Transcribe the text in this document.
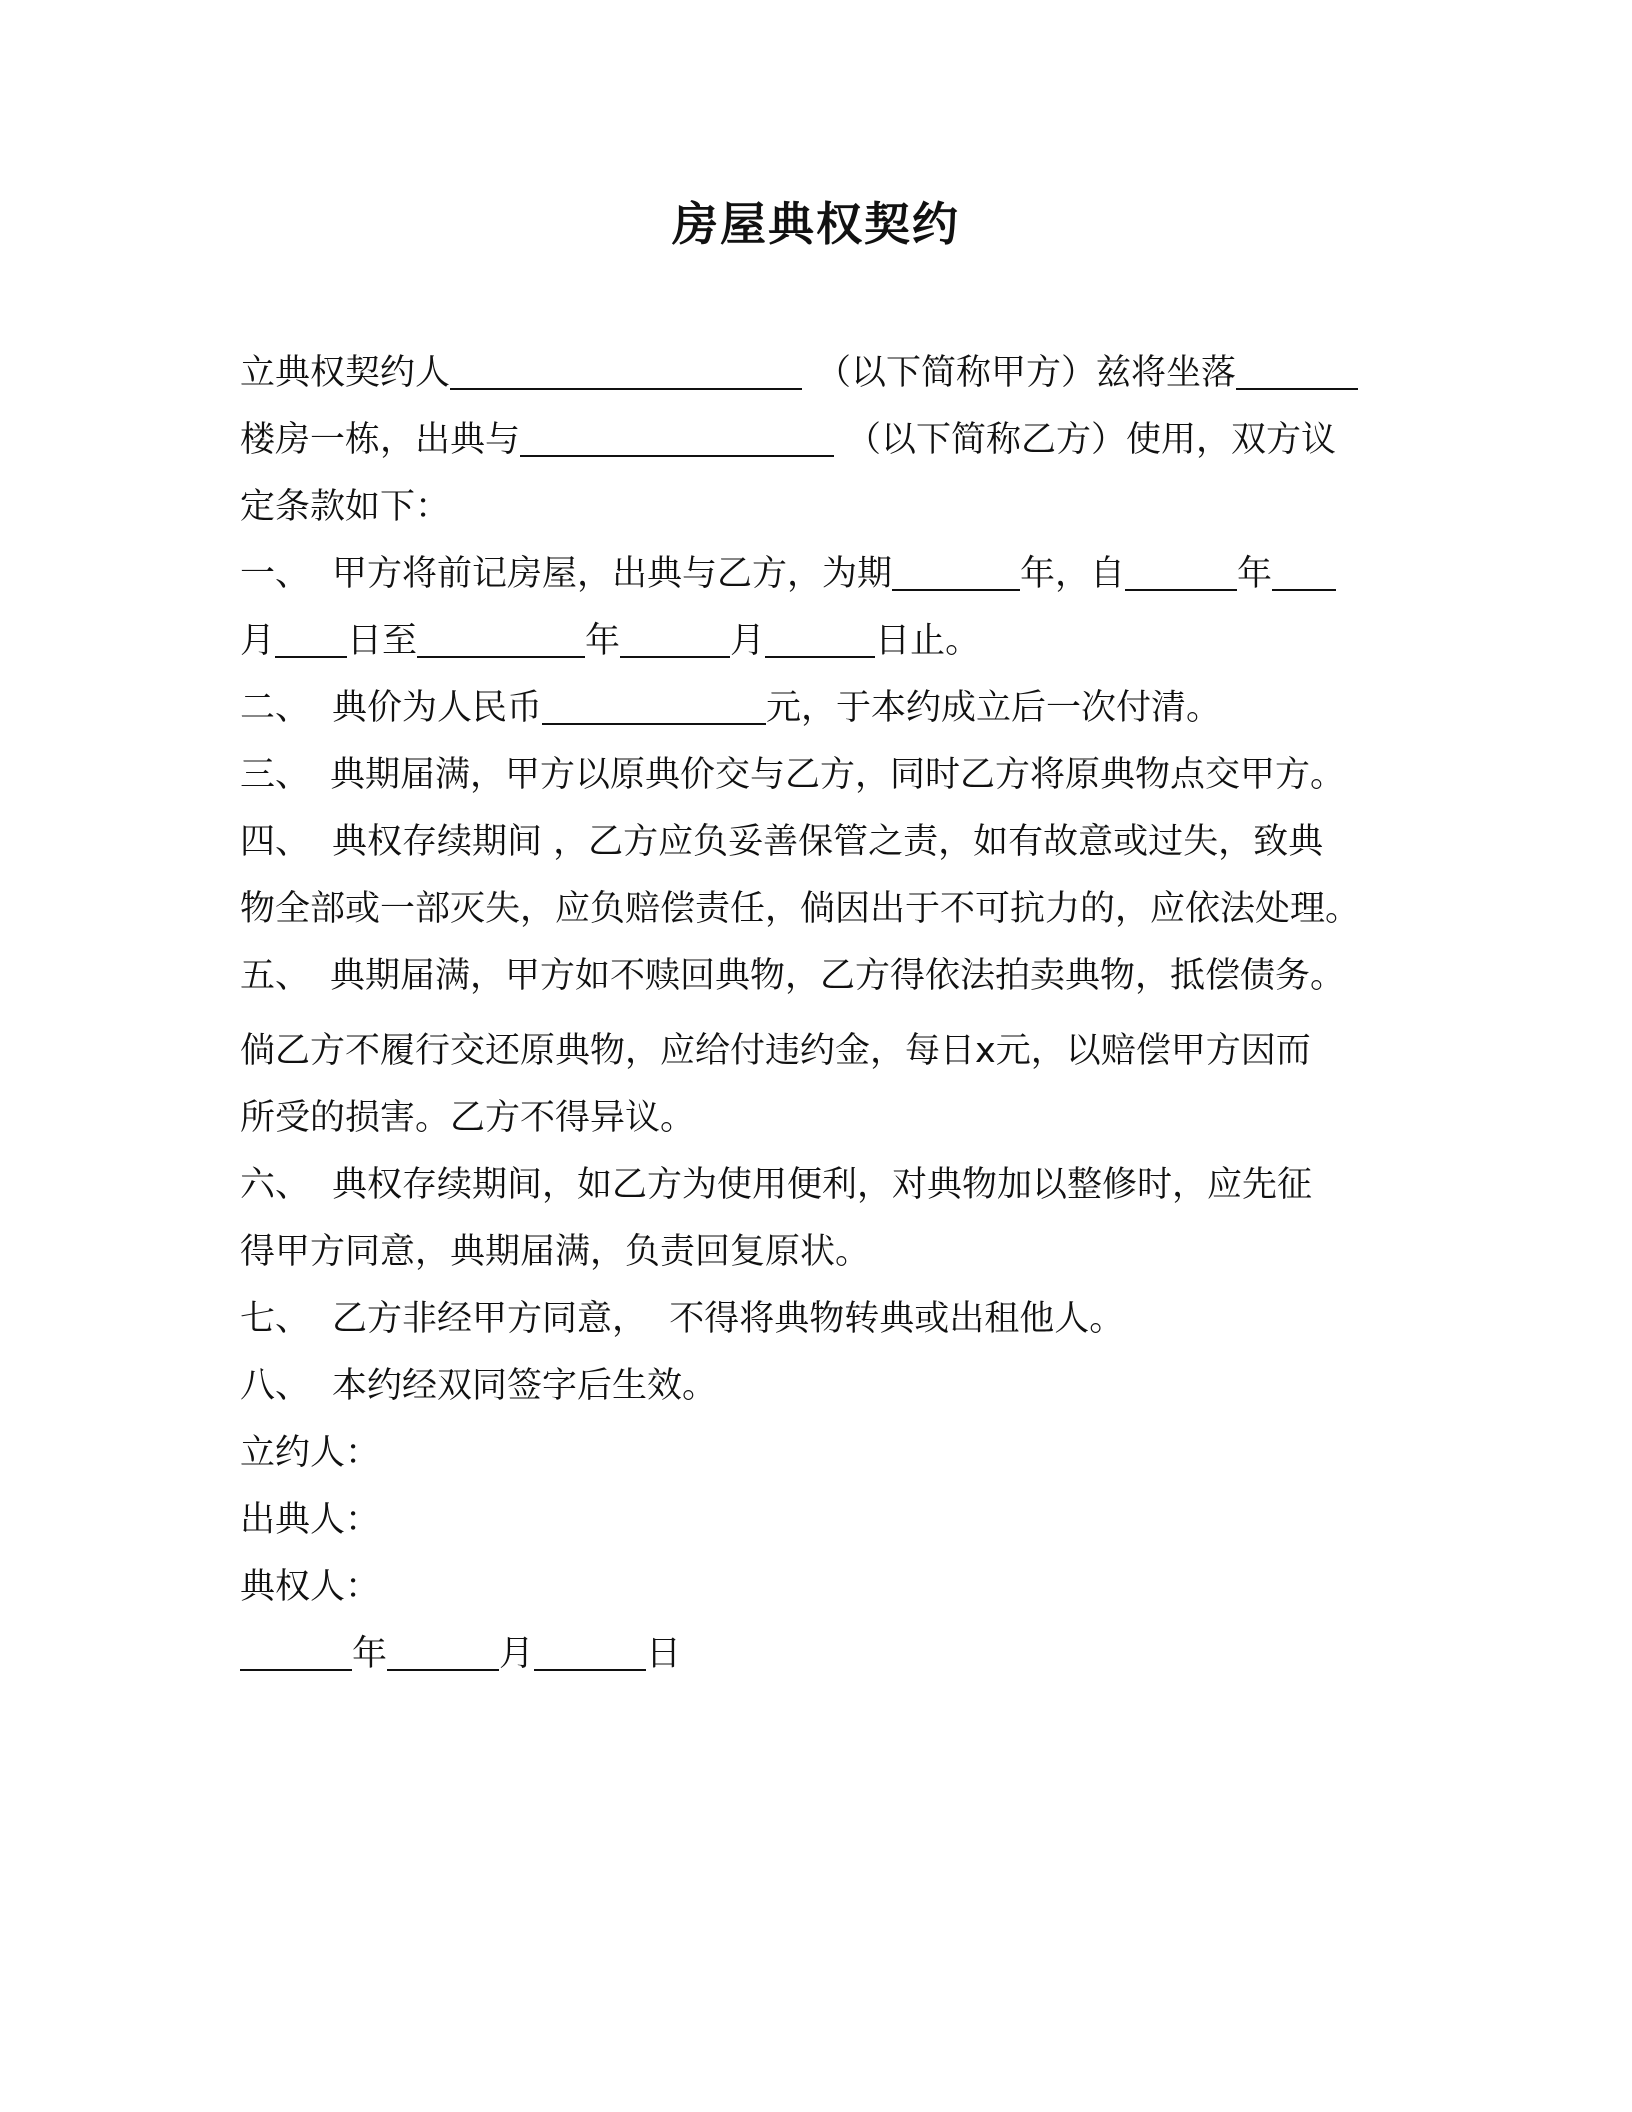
房屋典权契约
立典权契约人	（以下简称甲方）兹将坐落
楼房一栋，出典与	（以下简称乙方）使用，双方议
定条款如下：
一、 甲方将前记房屋，出典与乙方，为期	年，自	年
月 日至	年	月	日止。
二、 典价为人民币	元，于本约成立后一次付清。
三、 典期届满，甲方以原典价交与乙方，同时乙方将原典物点交甲方。
四、 典权存续期间 ，乙方应负妥善保管之责，如有故意或过失，致典
物全部或一部灭失，应负赔偿责任，倘因出于不可抗力的，应依法处理。
五、 典期届满，甲方如不赎回典物，乙方得依法拍卖典物，抵偿债务。
倘乙方不履行交还原典物，应给付违约金，每日x元，以赔偿甲方因而
所受的损害。乙方不得异议。
六、 典权存续期间，如乙方为使用便利，对典物加以整修时，应先征
得甲方同意，典期届满，负责回复原状。
七、 乙方非经甲方同意，  不得将典物转典或出租他人。
八、 本约经双同签字后生效。
立约人：
出典人：
典权人：
年	月	日
